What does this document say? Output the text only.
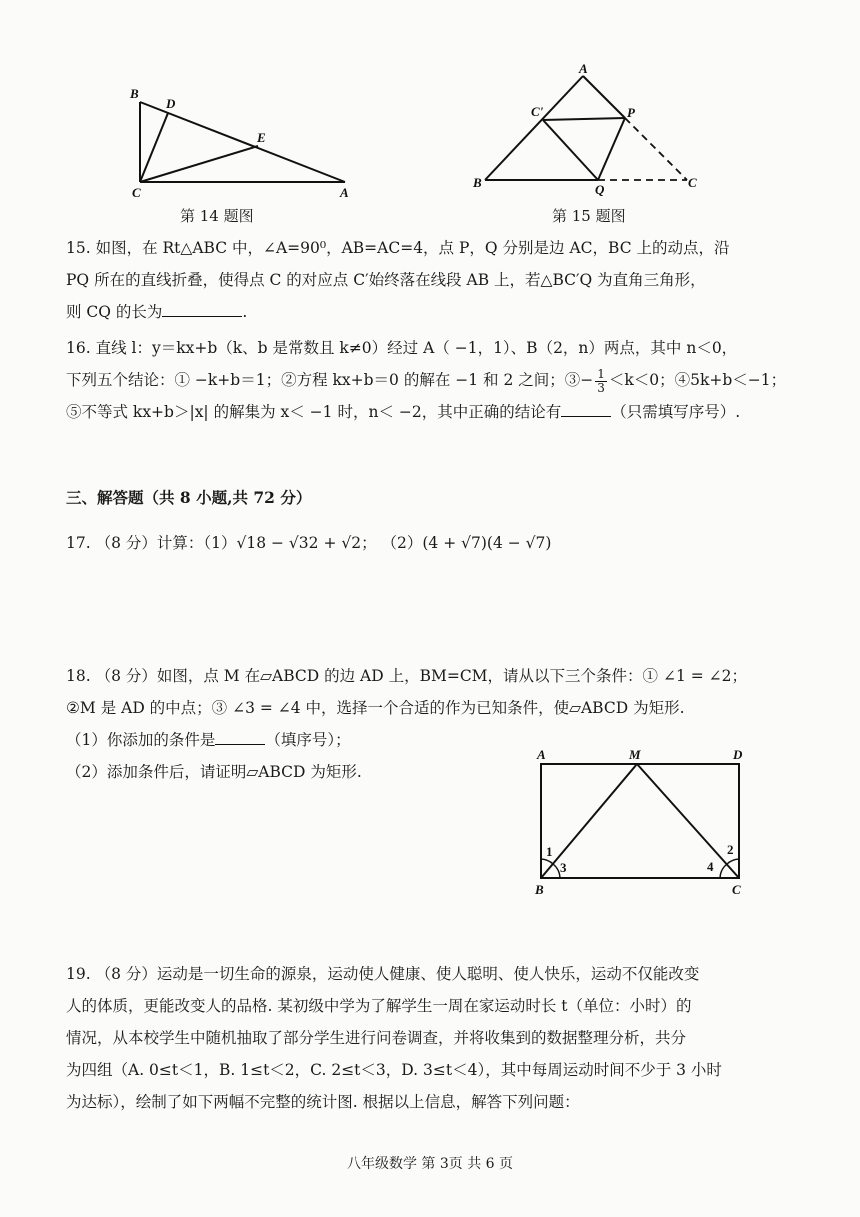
B
D
E
C	A
第 14 题图
A
C'	P
B	Q	C
第 15 题图
15. 如图，在 Rt△ABC 中，∠A=90⁰，AB=AC=4，点 P，Q 分别是边 AC，BC 上的动点，沿
PQ 所在的直线折叠，使得点 C 的对应点 C′始终落在线段 AB 上，若△BC′Q 为直角三角形，
则 CQ 的长为	.
16. 直线 l：y＝kx+b（k、b 是常数且 k≠0）经过 A（ −1，1）、B（2，n）两点，其中 n＜0，
下列五个结论：① −k+b＝1；②方程 kx+b＝0 的解在 −1 和 2 之间；③− $\frac{1}{3} <k<0$；④5k+b＜−1；
⑤不等式 kx+b＞|x| 的解集为 x＜ −1 时，n＜ −2，其中正确的结论有	（只需填写序号）.
三、解答题（共 8 小题,共 72 分）
17. （8 分）计算：（1）√18 − √32 + √2； （2）(4 + √7)(4 − √7)
18. （8 分）如图，点 M 在▱ABCD 的边 AD 上，BM=CM，请从以下三个条件：① ∠1 = ∠2；
②M 是 AD 的中点；③ ∠3 = ∠4 中，选择一个合适的作为已知条件，使▱ABCD 为矩形.
（1）你添加的条件是	（填序号）；
（2）添加条件后，请证明▱ABCD 为矩形.
A	M	D
B	C
1
3
2
4
19. （8 分）运动是一切生命的源泉，运动使人健康、使人聪明、使人快乐，运动不仅能改变
人的体质，更能改变人的品格. 某初级中学为了解学生一周在家运动时长 t（单位：小时）的
情况，从本校学生中随机抽取了部分学生进行问卷调查，并将收集到的数据整理分析，共分
为四组（A. 0≤t＜1，B. 1≤t＜2，C. 2≤t＜3，D. 3≤t＜4），其中每周运动时间不少于 3 小时
为达标），绘制了如下两幅不完整的统计图. 根据以上信息，解答下列问题：
八年级数学 第 3页 共 6 页
